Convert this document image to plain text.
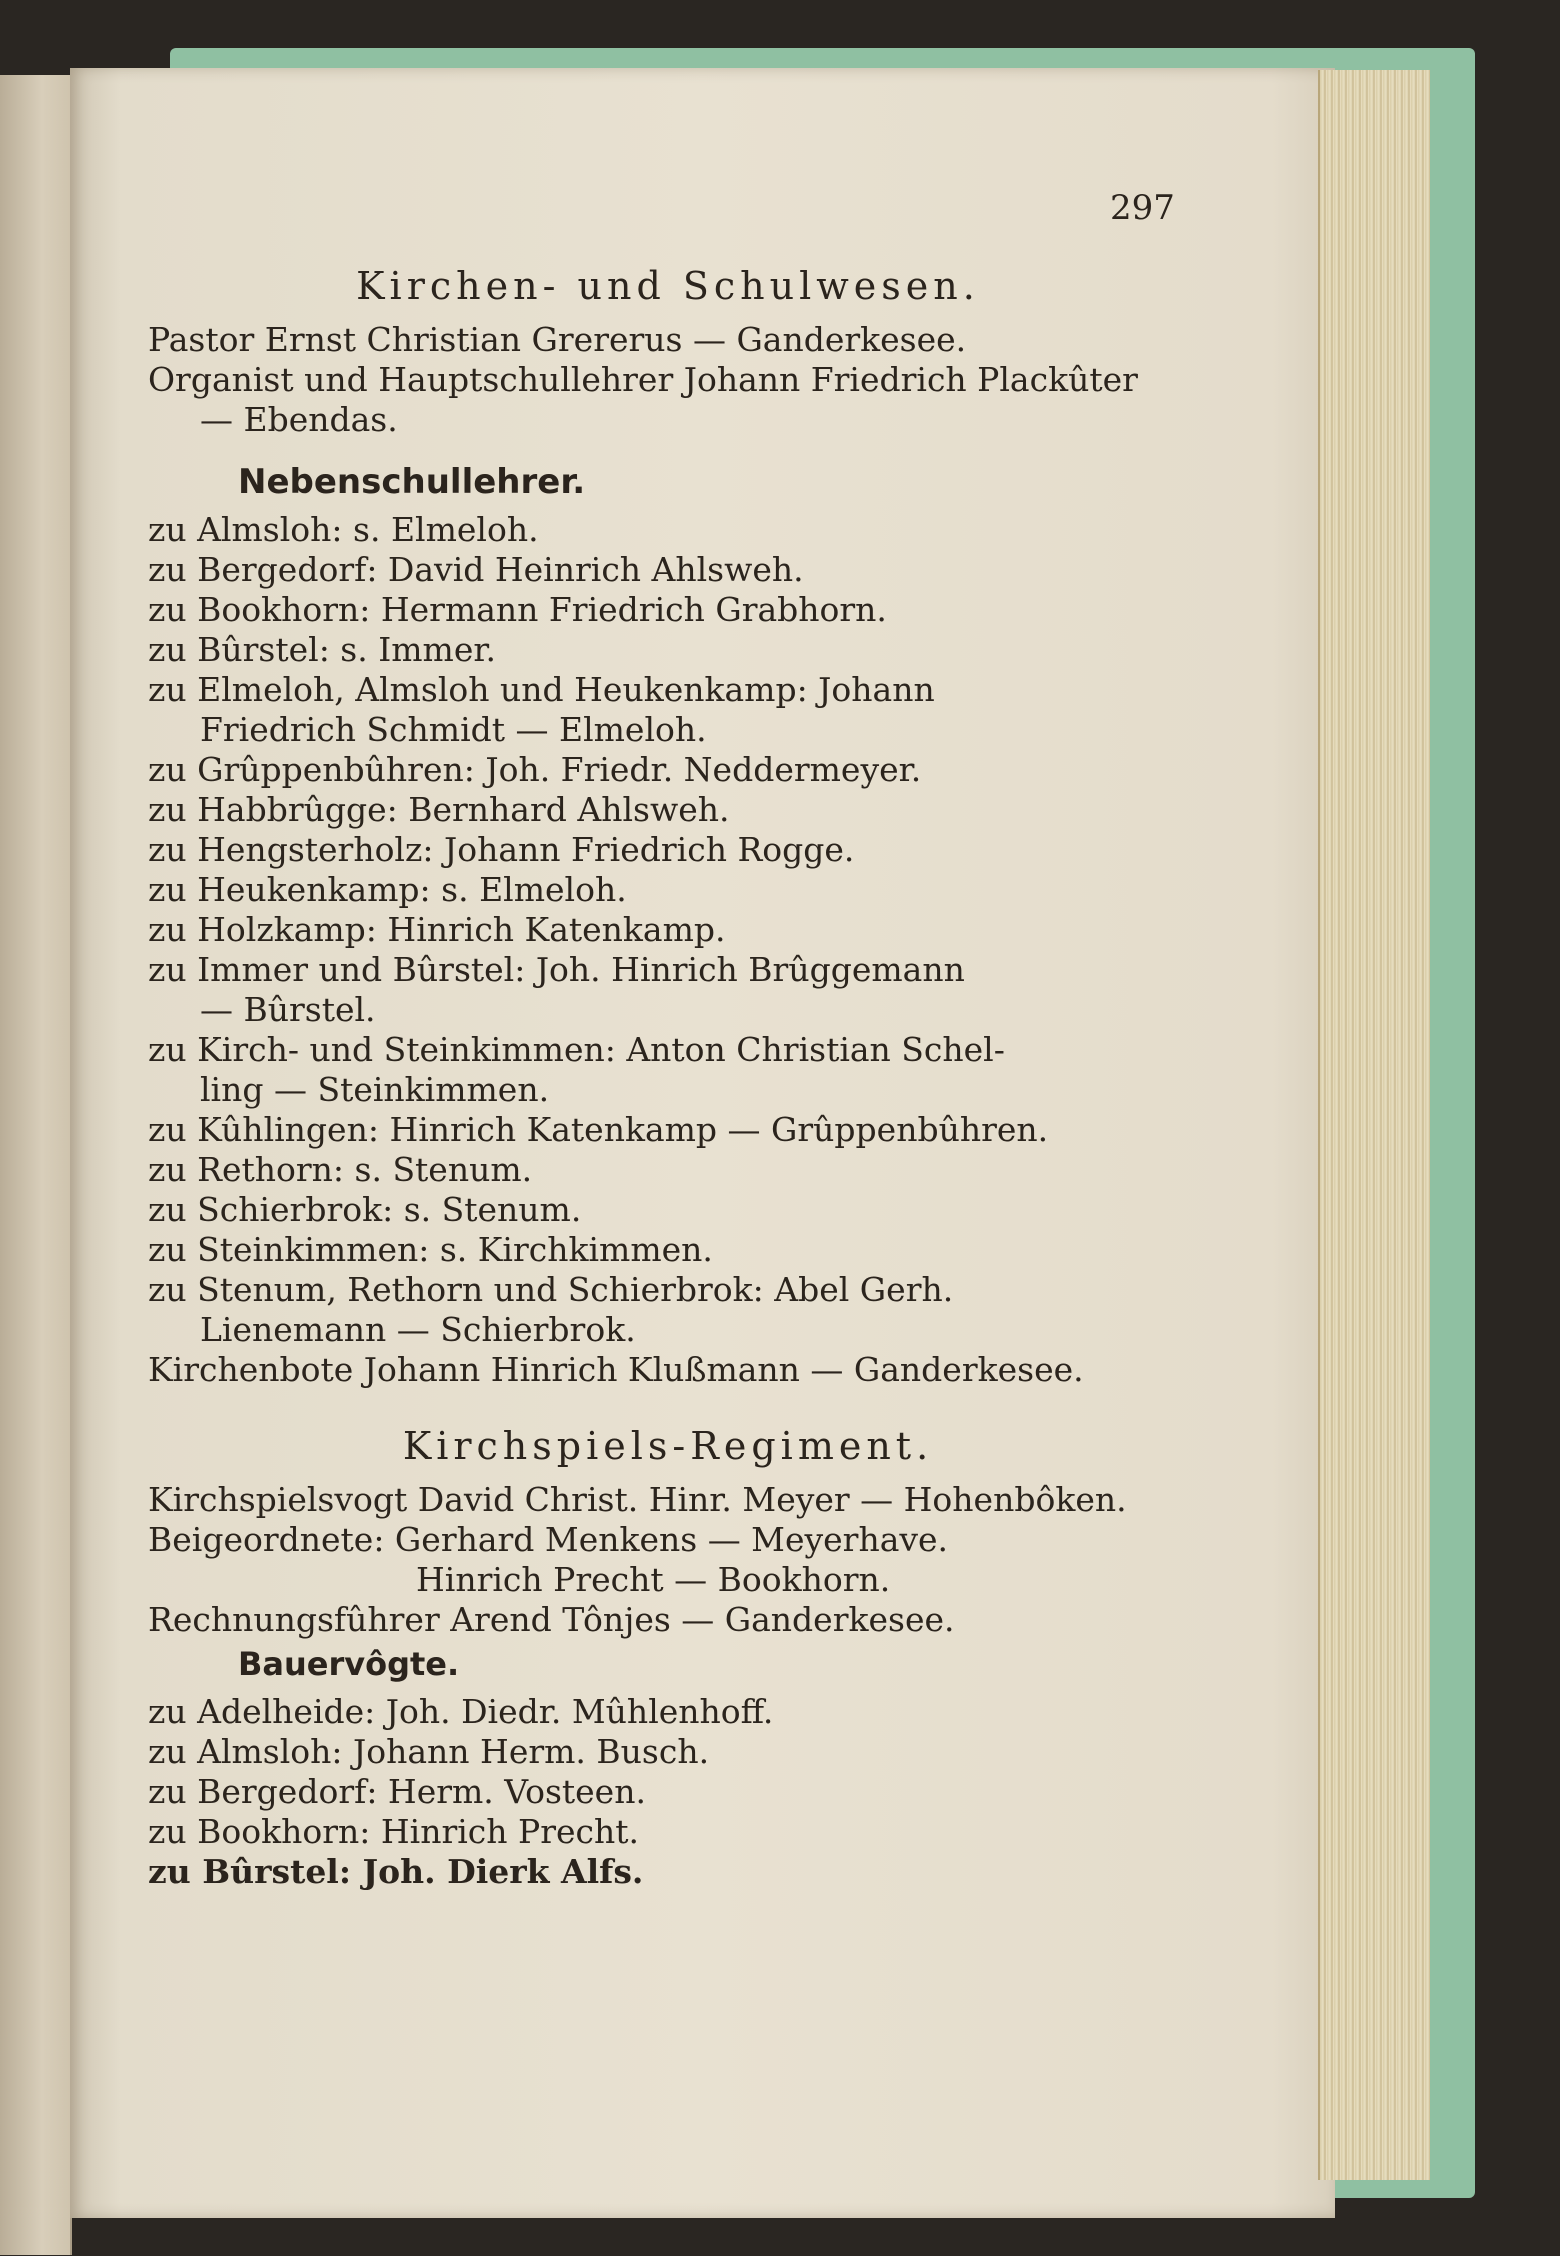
297
Kirchen- und Schulwesen.
Pastor Ernst Christian Grererus — Ganderkesee.
Organist und Hauptschullehrer Johann Friedrich Plackûter
— Ebendas.
Nebenschullehrer.
zu Almsloh: s. Elmeloh.
zu Bergedorf: David Heinrich Ahlsweh.
zu Bookhorn: Hermann Friedrich Grabhorn.
zu Bûrstel: s. Immer.
zu Elmeloh, Almsloh und Heukenkamp: Johann
Friedrich Schmidt — Elmeloh.
zu Grûppenbûhren: Joh. Friedr. Neddermeyer.
zu Habbrûgge: Bernhard Ahlsweh.
zu Hengsterholz: Johann Friedrich Rogge.
zu Heukenkamp: s. Elmeloh.
zu Holzkamp: Hinrich Katenkamp.
zu Immer und Bûrstel: Joh. Hinrich Brûggemann
— Bûrstel.
zu Kirch- und Steinkimmen: Anton Christian Schel-
ling — Steinkimmen.
zu Kûhlingen: Hinrich Katenkamp — Grûppenbûhren.
zu Rethorn: s. Stenum.
zu Schierbrok: s. Stenum.
zu Steinkimmen: s. Kirchkimmen.
zu Stenum, Rethorn und Schierbrok: Abel Gerh.
Lienemann — Schierbrok.
Kirchenbote Johann Hinrich Klußmann — Ganderkesee.
Kirchspiels-Regiment.
Kirchspielsvogt David Christ. Hinr. Meyer — Hohenbôken.
Beigeordnete: Gerhard Menkens — Meyerhave.
Hinrich Precht — Bookhorn.
Rechnungsfûhrer Arend Tônjes — Ganderkesee.
Bauervôgte.
zu Adelheide: Joh. Diedr. Mûhlenhoff.
zu Almsloh: Johann Herm. Busch.
zu Bergedorf: Herm. Vosteen.
zu Bookhorn: Hinrich Precht.
zu Bûrstel: Joh. Dierk Alfs.
